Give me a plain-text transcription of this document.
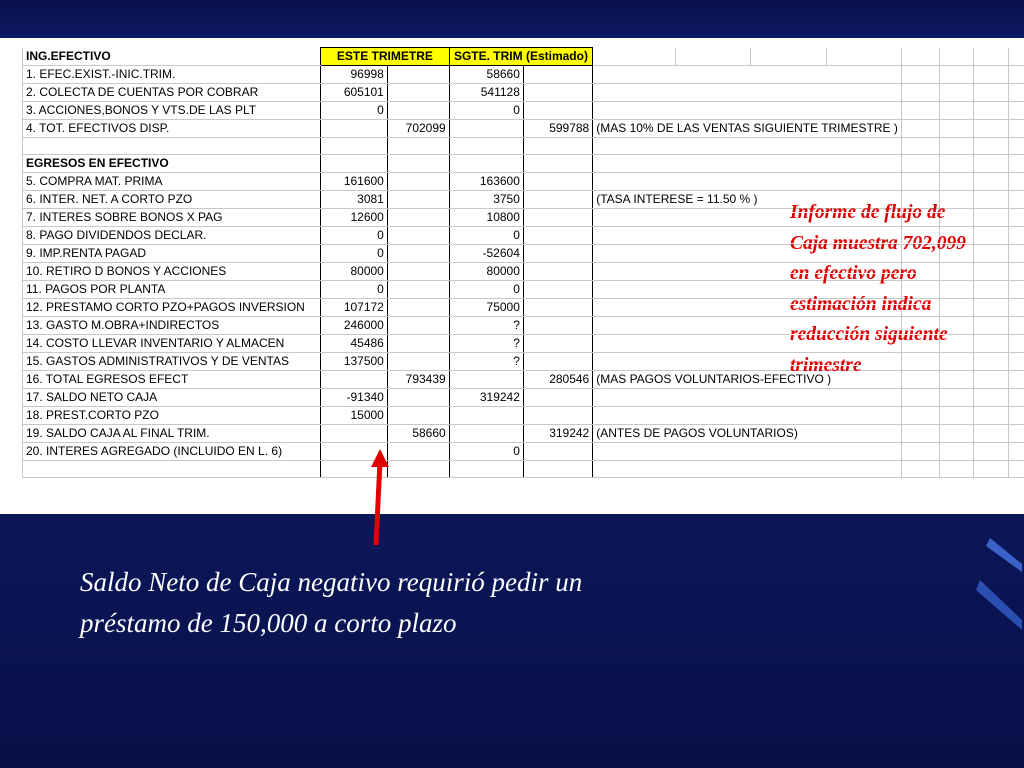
ING.EFECTIVO	ESTE TRIMETRE		SGTE. TRIM (Estimado)									
1. EFEC.EXIST.-INIC.TRIM.	96998		58660									
2. COLECTA DE CUENTAS POR COBRAR	605101		541128									
3. ACCIONES,BONOS Y VTS.DE LAS PLT	0		0									
4. TOT. EFECTIVOS DISP.		702099		599788	(MAS 10% DE LAS VENTAS SIGUIENTE TRIMESTRE )							

EGRESOS EN EFECTIVO												
5. COMPRA MAT. PRIMA	161600		163600									
6. INTER. NET. A CORTO PZO	3081		3750		(TASA INTERESE = 11.50 % )							
7. INTERES SOBRE BONOS X PAG	12600		10800									
8. PAGO DIVIDENDOS DECLAR.	0		0									
9. IMP.RENTA PAGAD	0		-52604									
10. RETIRO D BONOS Y ACCIONES	80000		80000									
11. PAGOS POR PLANTA	0		0									
12. PRESTAMO CORTO PZO+PAGOS INVERSION	107172		75000									
13. GASTO M.OBRA+INDIRECTOS	246000		?									
14. COSTO LLEVAR INVENTARIO Y ALMACEN	45486		?									
15. GASTOS ADMINISTRATIVOS Y DE VENTAS	137500		?									
16. TOTAL EGRESOS EFECT		793439		280546	(MAS PAGOS VOLUNTARIOS-EFECTIVO )							
17. SALDO NETO CAJA	-91340		319242									
18. PREST.CORTO PZO	15000											
19. SALDO CAJA AL FINAL TRIM.		58660		319242	(ANTES DE PAGOS VOLUNTARIOS)							
20. INTERES AGREGADO (INCLUIDO EN L. 6)			0									

Informe de flujo de
Caja muestra 702,099
en efectivo pero
estimación indica
reducción siguiente
trimestre
Saldo Neto de Caja negativo requirió pedir un
préstamo de 150,000 a corto plazo
